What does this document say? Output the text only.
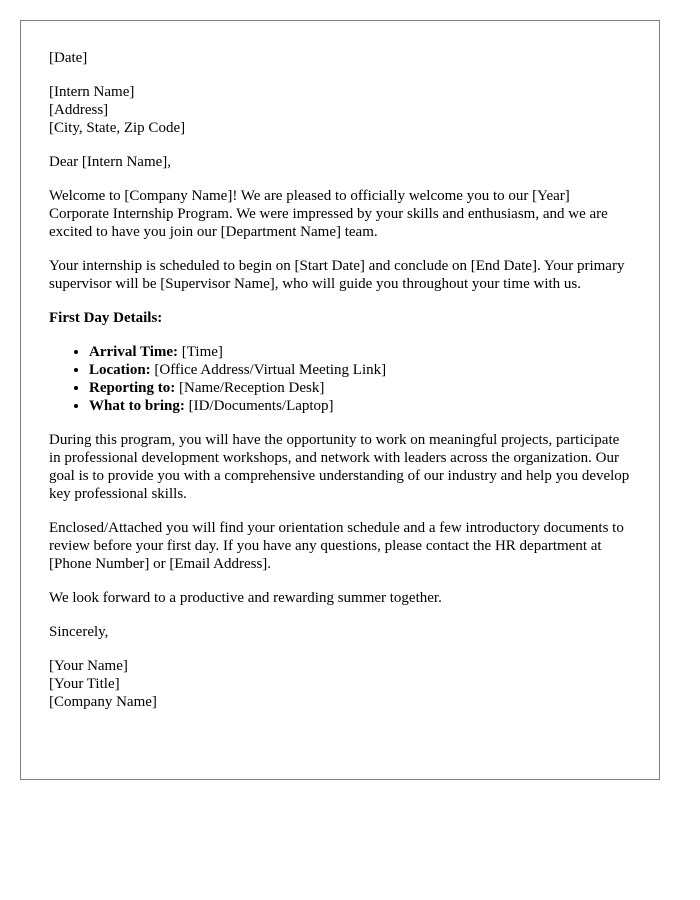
[Date]

[Intern Name]
[Address]
[City, State, Zip Code]

Dear [Intern Name],

Welcome to [Company Name]! We are pleased to officially welcome you to our [Year] Corporate Internship Program. We were impressed by your skills and enthusiasm, and we are excited to have you join our [Department Name] team.

Your internship is scheduled to begin on [Start Date] and conclude on [End Date]. Your primary supervisor will be [Supervisor Name], who will guide you throughout your time with us.

First Day Details:

• Arrival Time: [Time]
• Location: [Office Address/Virtual Meeting Link]
• Reporting to: [Name/Reception Desk]
• What to bring: [ID/Documents/Laptop]

During this program, you will have the opportunity to work on meaningful projects, participate in professional development workshops, and network with leaders across the organization. Our goal is to provide you with a comprehensive understanding of our industry and help you develop key professional skills.

Enclosed/Attached you will find your orientation schedule and a few introductory documents to review before your first day. If you have any questions, please contact the HR department at [Phone Number] or [Email Address].

We look forward to a productive and rewarding summer together.

Sincerely,

[Your Name]
[Your Title]
[Company Name]
